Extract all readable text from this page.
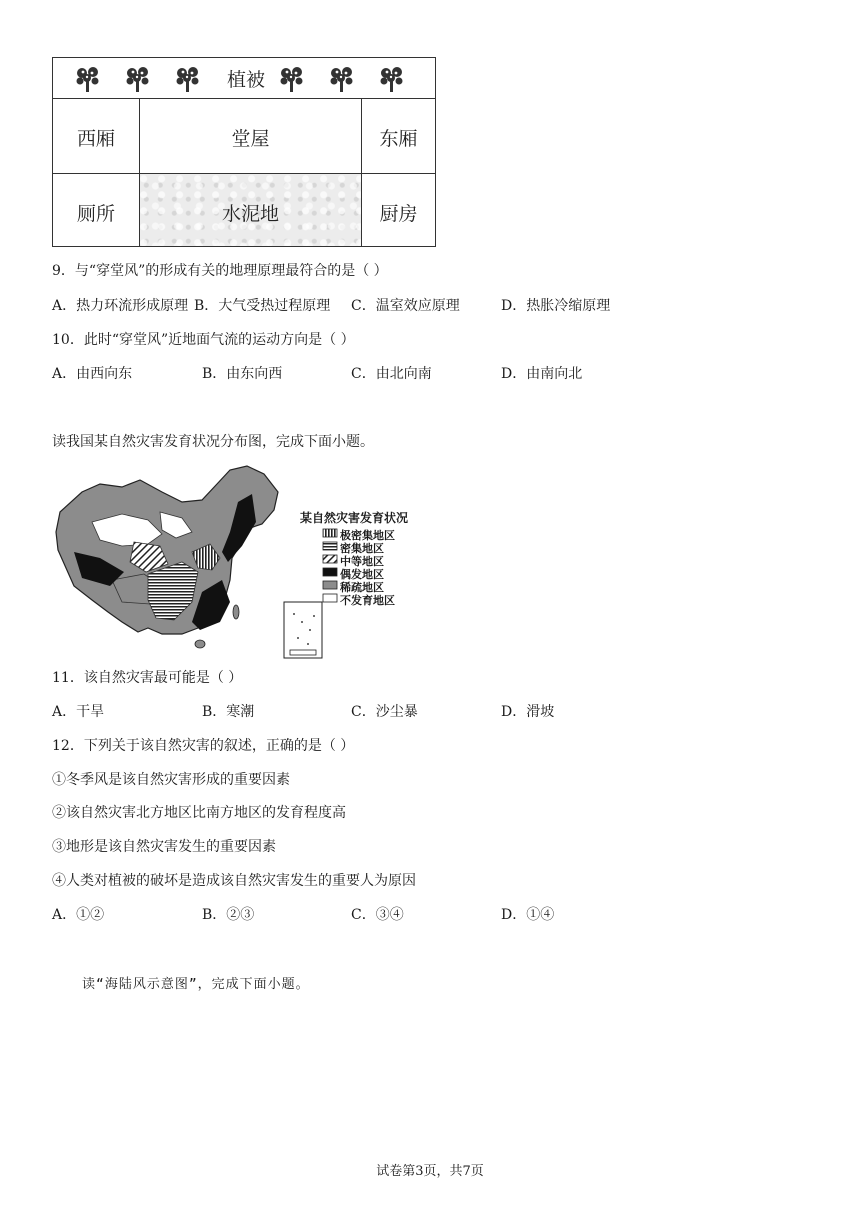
植被
西厢	堂屋	东厢
厕所	水泥地	厨房
9．与“穿堂风”的形成有关的地理原理最符合的是（ ）
A．热力环流形成原理 B．大气受热过程原理 C．温室效应原理	D．热胀冷缩原理
10．此时“穿堂风”近地面气流的运动方向是（ ）
A．由西向东	B．由东向西	C．由北向南	D．由南向北
读我国某自然灾害发育状况分布图，完成下面小题。
某自然灾害发育状况
极密集地区
密集地区
中等地区
偶发地区
稀疏地区
不发育地区
11．该自然灾害最可能是（ ）
A．干旱	B．寒潮	C．沙尘暴	D．滑坡
12．下列关于该自然灾害的叙述，正确的是（ ）
①冬季风是该自然灾害形成的重要因素
②该自然灾害北方地区比南方地区的发育程度高
③地形是该自然灾害发生的重要因素
④人类对植被的破坏是造成该自然灾害发生的重要人为原因
A．①②	B．②③	C．③④	D．①④
读“海陆风示意图”，完成下面小题。
试卷第3页，共7页
